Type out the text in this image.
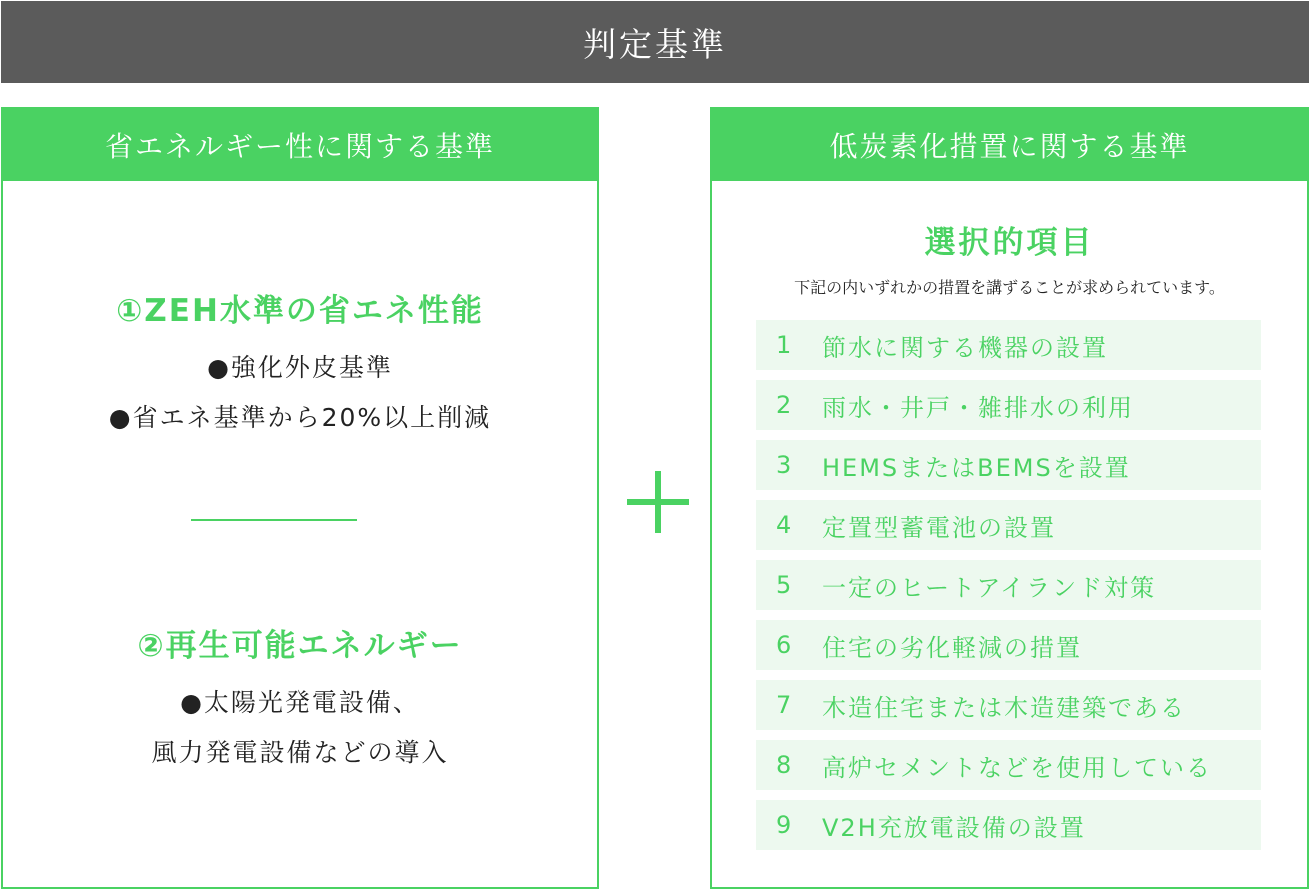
判定基準
省エネルギー性に関する基準
①ZEH水準の省エネ性能
●強化外皮基準
●省エネ基準から20%以上削減
②再生可能エネルギー
●太陽光発電設備、
風力発電設備などの導入
低炭素化措置に関する基準
選択的項目
下記の内いずれかの措置を講ずることが求められています。
1	節水に関する機器の設置
2	雨水・井戸・雑排水の利用
3	HEMSまたはBEMSを設置
4	定置型蓄電池の設置
5	一定のヒートアイランド対策
6	住宅の劣化軽減の措置
7	木造住宅または木造建築である
8	高炉セメントなどを使用している
9	V2H充放電設備の設置
